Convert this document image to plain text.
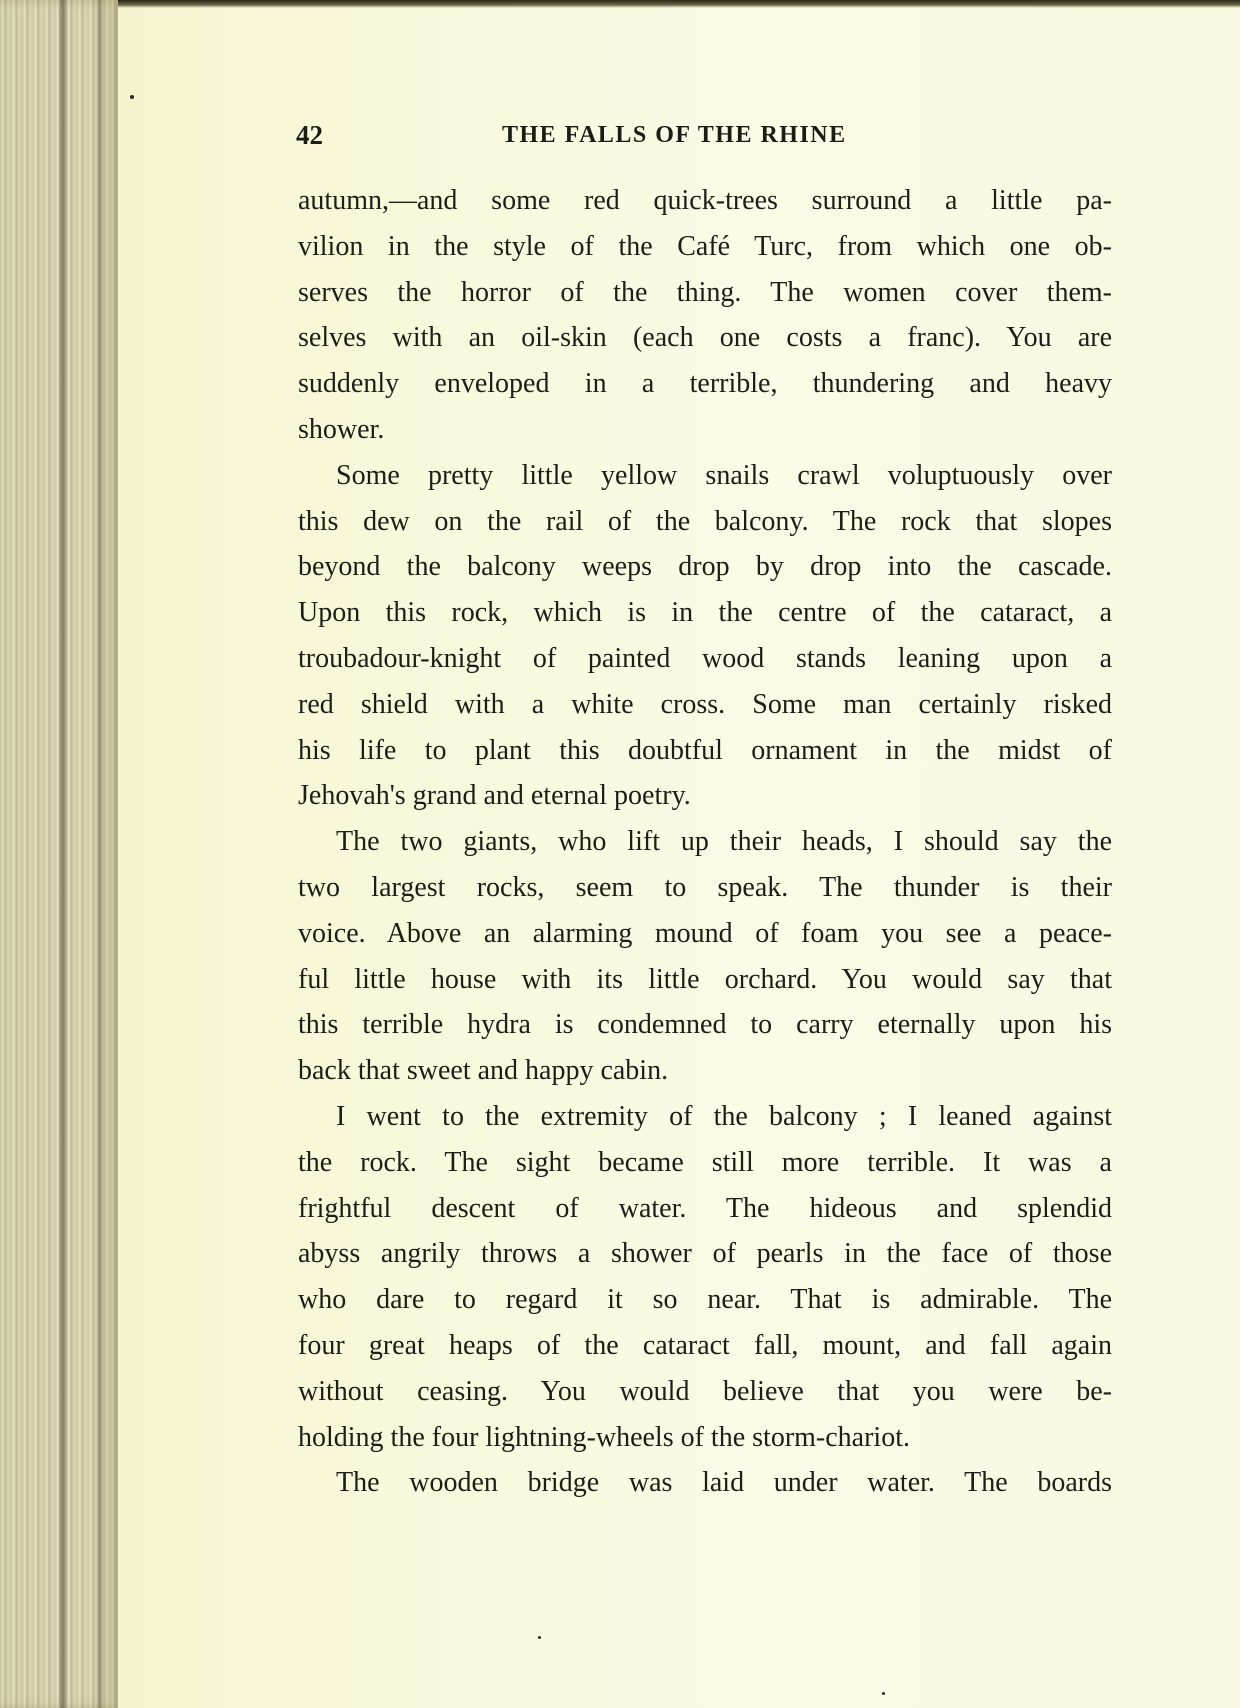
42	THE FALLS OF THE RHINE

autumn,—and some red quick-trees surround a little pa-

vilion in the style of the Café Turc, from which one ob-

serves the horror of the thing. The women cover them-

selves with an oil-skin (each one costs a franc). You are

suddenly enveloped in a terrible, thundering and heavy

shower.

Some pretty little yellow snails crawl voluptuously over

this dew on the rail of the balcony. The rock that slopes

beyond the balcony weeps drop by drop into the cascade.

Upon this rock, which is in the centre of the cataract, a

troubadour-knight of painted wood stands leaning upon a

red shield with a white cross. Some man certainly risked

his life to plant this doubtful ornament in the midst of

Jehovah's grand and eternal poetry.

The two giants, who lift up their heads, I should say the

two largest rocks, seem to speak. The thunder is their

voice. Above an alarming mound of foam you see a peace-

ful little house with its little orchard. You would say that

this terrible hydra is condemned to carry eternally upon his

back that sweet and happy cabin.

I went to the extremity of the balcony ; I leaned against

the rock. The sight became still more terrible. It was a

frightful descent of water. The hideous and splendid

abyss angrily throws a shower of pearls in the face of those

who dare to regard it so near. That is admirable. The

four great heaps of the cataract fall, mount, and fall again

without ceasing. You would believe that you were be-

holding the four lightning-wheels of the storm-chariot.

The wooden bridge was laid under water. The boards
